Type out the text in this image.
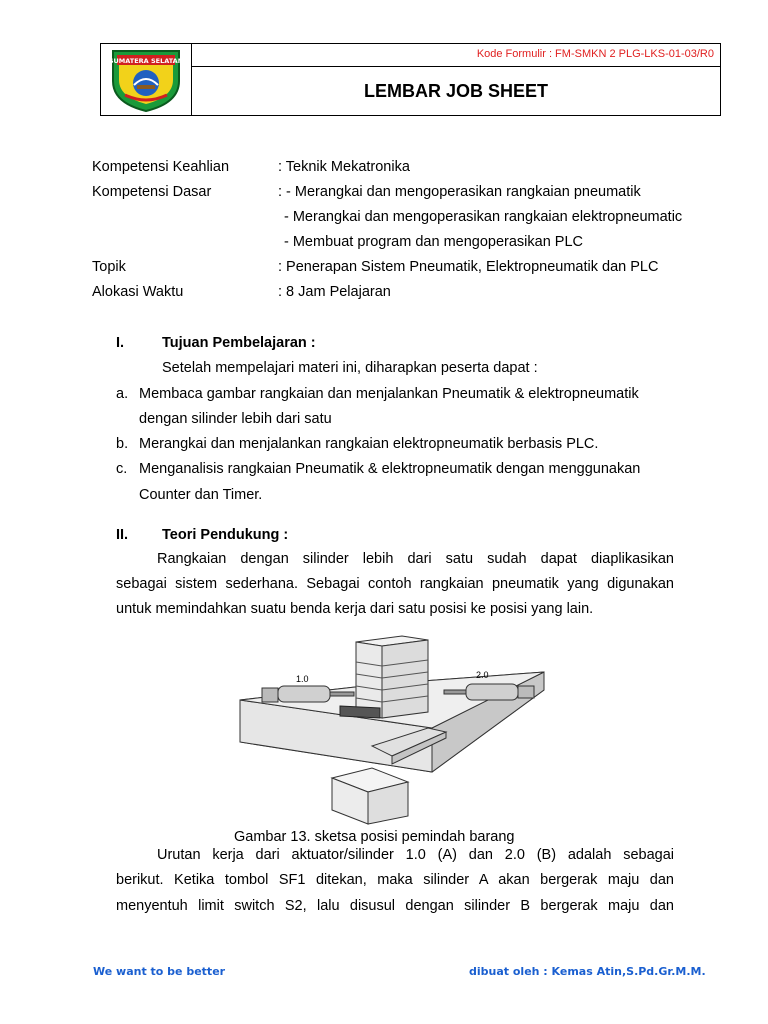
SUMATERA SELATAN
Kode Formulir : FM-SMKN 2 PLG-LKS-01-03/R0
LEMBAR JOB SHEET
Kompetensi Keahlian	: Teknik Mekatronika
Kompetensi Dasar	: - Merangkai dan mengoperasikan rangkaian pneumatik
- Merangkai dan mengoperasikan rangkaian elektropneumatic
- Membuat program dan mengoperasikan PLC
Topik	: Penerapan Sistem Pneumatik, Elektropneumatik dan PLC
Alokasi Waktu	: 8 Jam Pelajaran
I.	Tujuan Pembelajaran :
Setelah mempelajari materi ini, diharapkan peserta dapat :
a. Membaca gambar rangkaian dan menjalankan Pneumatik & elektropneumatik
dengan silinder lebih dari satu
b. Merangkai dan menjalankan rangkaian elektropneumatik berbasis PLC.
c. Menganalisis rangkaian Pneumatik & elektropneumatik dengan menggunakan
Counter dan Timer.
II. Teori Pendukung :
Rangkaian dengan silinder lebih dari satu sudah dapat diaplikasikan
sebagai sistem sederhana. Sebagai contoh rangkaian pneumatik yang digunakan
untuk memindahkan suatu benda kerja dari satu posisi ke posisi yang lain.
1.0	2.0
Gambar 13. sketsa posisi pemindah barang
Urutan kerja dari aktuator/silinder 1.0 (A) dan 2.0 (B) adalah sebagai
berikut. Ketika tombol SF1 ditekan, maka silinder A akan bergerak maju dan
menyentuh limit switch S2, lalu disusul dengan silinder B bergerak maju dan
We want to be better	dibuat oleh : Kemas Atin,S.Pd.Gr.M.M.
